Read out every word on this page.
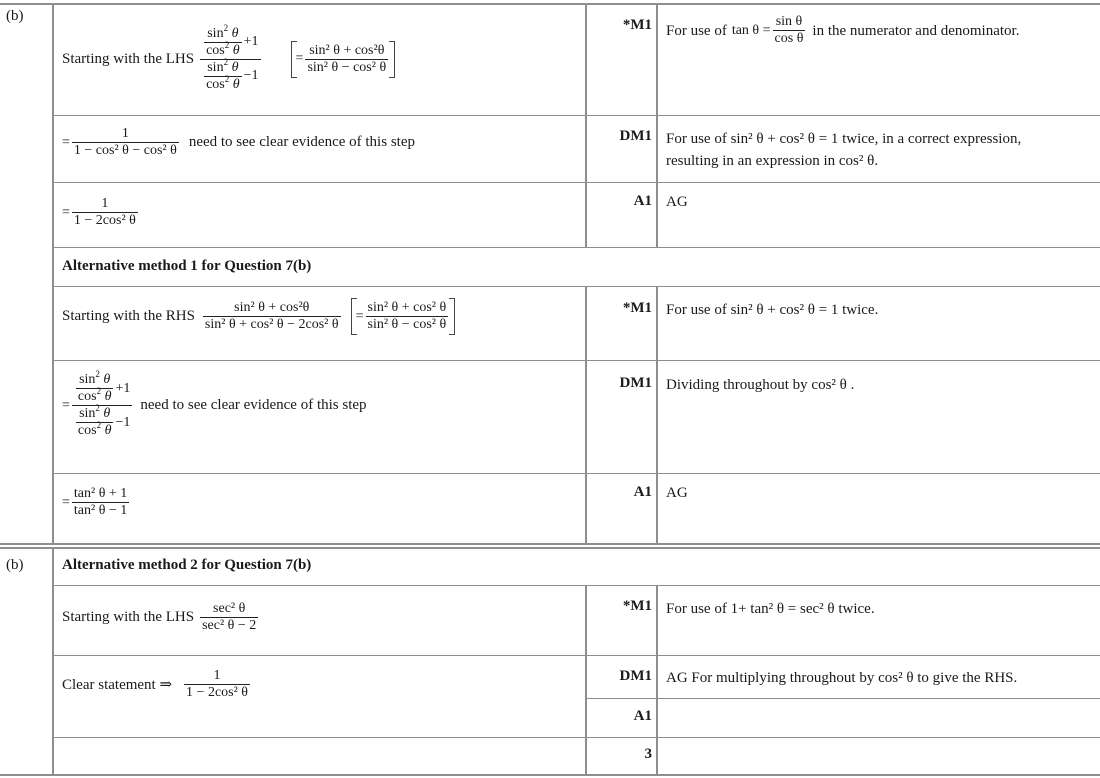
(b)
(b)
Starting with the LHS $\frac{\frac{\sin^2 \theta}{\cos^2 \theta} +1}{\frac{\sin^2 \theta}{\cos^2 \theta} -1}$	= $\frac{\text{sin² θ + cos²θ}}{\text{sin² θ − cos² θ}}$
= $\frac{1}{\text{1 − cos² θ − cos² θ}}$ need to see clear evidence of this step
= $\frac{1}{\text{1 − 2cos² θ}}$
*M1
DM1
A1
For use of $\tan \theta = \frac{\text{sin θ}}{\text{cos θ}}$ in the numerator and denominator.
For use of sin² θ + cos² θ = 1 twice, in a correct expression,
resulting in an expression in cos² θ.
AG
Alternative method 1 for Question 7(b)
Starting with the RHS $\frac{\text{sin² θ + cos²θ}}{\text{sin² θ + cos² θ − 2cos² θ}} = \frac{\text{sin² θ + cos² θ}}{\text{sin² θ − cos² θ}}$
= $\frac{\frac{\sin^2 \theta}{\cos^2 \theta} +1}{\frac{\sin^2 \theta}{\cos^2 \theta} -1}$ need to see clear evidence of this step
= $\frac{\text{tan² θ + 1}}{\text{tan² θ − 1}}$
*M1
DM1
A1
For use of sin² θ + cos² θ = 1 twice.
Dividing throughout by cos² θ .
AG
Alternative method 2 for Question 7(b)
Starting with the LHS $\frac{\text{sec² θ}}{\text{sec² θ − 2}}$
Clear statement ⇒ $\frac{1}{\text{1 − 2cos² θ}}$
*M1
DM1
A1
3
For use of 1+ tan² θ = sec² θ twice.
AG For multiplying throughout by cos² θ to give the RHS.
